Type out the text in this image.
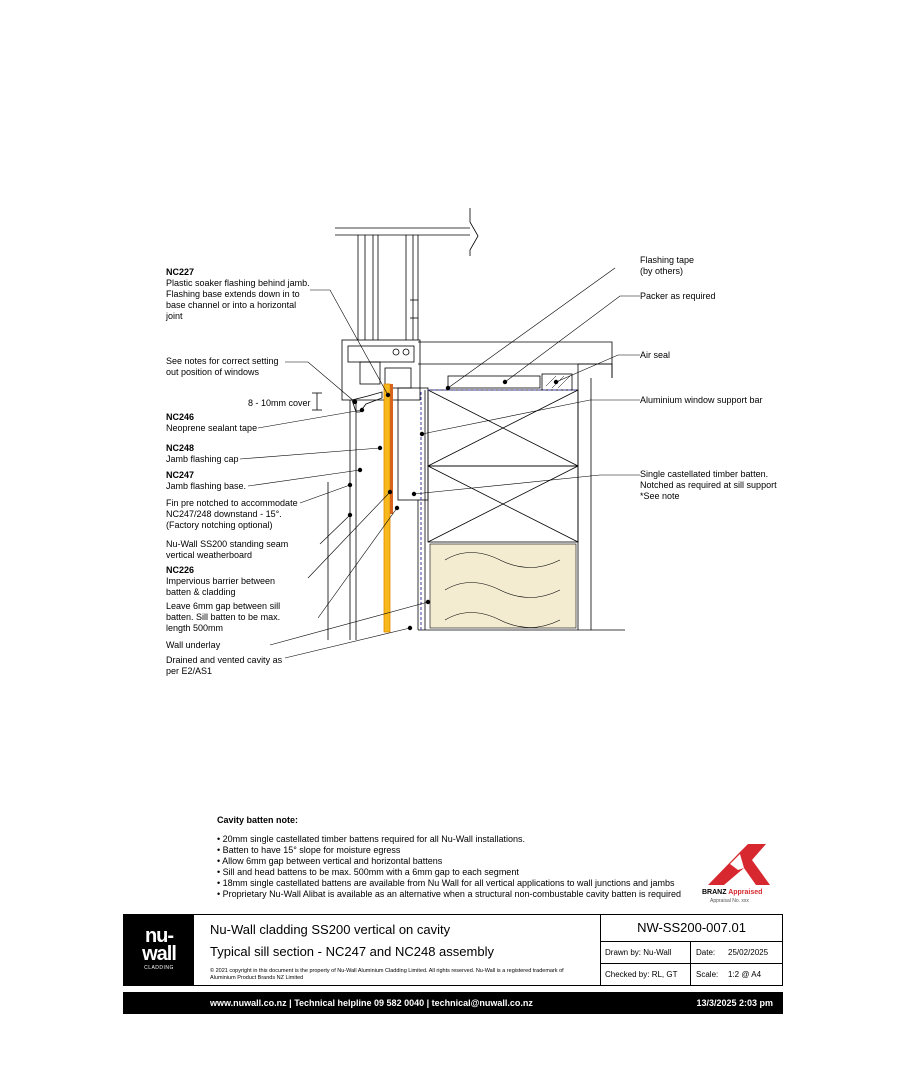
NC227
Plastic soaker flashing behind jamb.
Flashing base extends down in to
base channel or into a horizontal
joint
See notes for correct setting
out position of windows
8 - 10mm cover
NC246
Neoprene sealant tape
NC248
Jamb flashing cap
NC247
Jamb flashing base.
Fin pre notched to accommodate
NC247/248 downstand - 15°.
(Factory notching optional)
Nu-Wall SS200 standing seam
vertical weatherboard
NC226
Impervious barrier between
batten & cladding
Leave 6mm gap between sill
batten. Sill batten to be max.
length 500mm
Wall underlay
Drained and vented cavity as
per E2/AS1
Flashing tape
(by others)
Packer as required
Air seal
Aluminium window support bar
Single castellated timber batten.
Notched as required at sill support
*See note
Cavity batten note:
• 20mm single castellated timber battens required for all Nu-Wall installations.
• Batten to have 15° slope for moisture egress
• Allow 6mm gap between vertical and horizontal battens
• Sill and head battens to be max. 500mm with a 6mm gap to each segment
• 18mm single castellated battens are available from Nu Wall for all vertical applications to wall junctions and jambs
• Proprietary Nu-Wall Alibat is available as an alternative when a structural non-combustable cavity batten is required	BRANZ Appraised
Appraisal No. xxx
nu-
wall
CLADDING
Nu-Wall cladding SS200 vertical on cavity
Typical sill section - NC247 and NC248 assembly
© 2021 copyright in this document is the property of Nu-Wall Aluminium Cladding Limited. All rights reserved. Nu-Wall is a registered trademark of Aluminium Product Brands NZ Limited
NW-SS200-007.01
Drawn by: Nu-Wall	Date: 25/02/2025
Checked by: RL, GT Scale: 1:2 @ A4
www.nuwall.co.nz | Technical helpline 09 582 0040 | technical@nuwall.co.nz	13/3/2025 2:03 pm
